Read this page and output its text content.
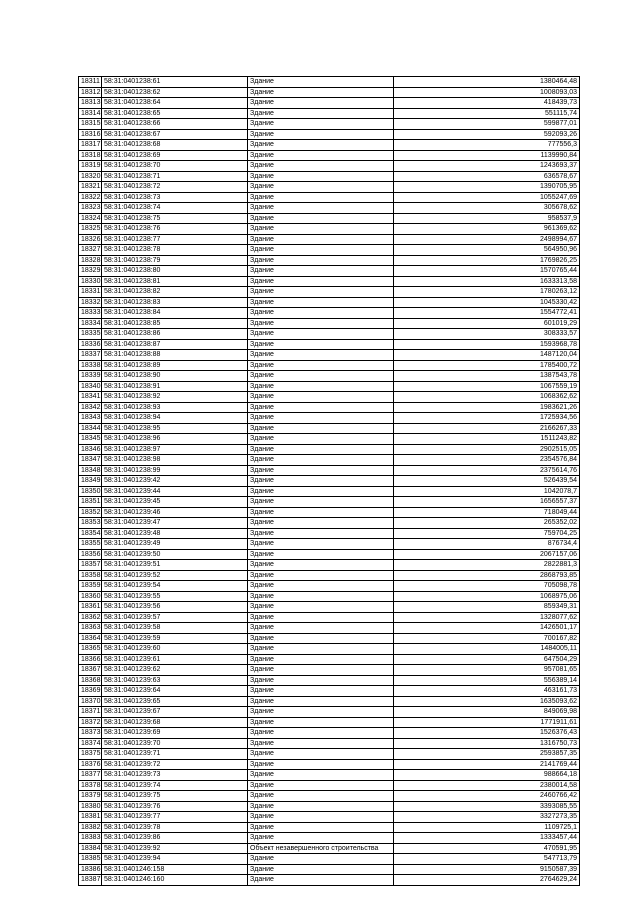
18311	58:31:0401238:61	Здание	1380464,48
18312	58:31:0401238:62	Здание	1008093,03
18313	58:31:0401238:64	Здание	418439,73
18314	58:31:0401238:65	Здание	551115,74
18315	58:31:0401238:66	Здание	599877,01
18316	58:31:0401238:67	Здание	592093,26
18317	58:31:0401238:68	Здание	777556,3
18318	58:31:0401238:69	Здание	1139990,84
18319	58:31:0401238:70	Здание	1243693,37
18320	58:31:0401238:71	Здание	636578,67
18321	58:31:0401238:72	Здание	1390705,95
18322	58:31:0401238:73	Здание	1055247,69
18323	58:31:0401238:74	Здание	305678,62
18324	58:31:0401238:75	Здание	958537,9
18325	58:31:0401238:76	Здание	961369,62
18326	58:31:0401238:77	Здание	2498994,67
18327	58:31:0401238:78	Здание	564950,96
18328	58:31:0401238:79	Здание	1769826,25
18329	58:31:0401238:80	Здание	1570765,44
18330	58:31:0401238:81	Здание	1633313,58
18331	58:31:0401238:82	Здание	1780263,12
18332	58:31:0401238:83	Здание	1045330,42
18333	58:31:0401238:84	Здание	1554772,41
18334	58:31:0401238:85	Здание	601019,29
18335	58:31:0401238:86	Здание	308333,57
18336	58:31:0401238:87	Здание	1593968,78
18337	58:31:0401238:88	Здание	1487120,04
18338	58:31:0401238:89	Здание	1785400,72
18339	58:31:0401238:90	Здание	1387543,78
18340	58:31:0401238:91	Здание	1067559,19
18341	58:31:0401238:92	Здание	1068362,62
18342	58:31:0401238:93	Здание	1983621,26
18343	58:31:0401238:94	Здание	1725934,56
18344	58:31:0401238:95	Здание	2166267,33
18345	58:31:0401238:96	Здание	1511243,82
18346	58:31:0401238:97	Здание	2902515,05
18347	58:31:0401238:98	Здание	2354576,84
18348	58:31:0401238:99	Здание	2375614,76
18349	58:31:0401239:42	Здание	526439,54
18350	58:31:0401239:44	Здание	1042078,7
18351	58:31:0401239:45	Здание	1656557,37
18352	58:31:0401239:46	Здание	718049,44
18353	58:31:0401239:47	Здание	265352,02
18354	58:31:0401239:48	Здание	759704,25
18355	58:31:0401239:49	Здание	876734,4
18356	58:31:0401239:50	Здание	2067157,06
18357	58:31:0401239:51	Здание	2822881,3
18358	58:31:0401239:52	Здание	2868793,85
18359	58:31:0401239:54	Здание	705098,78
18360	58:31:0401239:55	Здание	1068975,06
18361	58:31:0401239:56	Здание	859349,31
18362	58:31:0401239:57	Здание	1328077,62
18363	58:31:0401239:58	Здание	1426501,17
18364	58:31:0401239:59	Здание	700167,82
18365	58:31:0401239:60	Здание	1484005,11
18366	58:31:0401239:61	Здание	647504,29
18367	58:31:0401239:62	Здание	957081,65
18368	58:31:0401239:63	Здание	556389,14
18369	58:31:0401239:64	Здание	463161,73
18370	58:31:0401239:65	Здание	1635093,62
18371	58:31:0401239:67	Здание	849069,98
18372	58:31:0401239:68	Здание	1771911,61
18373	58:31:0401239:69	Здание	1526376,43
18374	58:31:0401239:70	Здание	1316750,73
18375	58:31:0401239:71	Здание	2593857,35
18376	58:31:0401239:72	Здание	2141769,44
18377	58:31:0401239:73	Здание	988664,18
18378	58:31:0401239:74	Здание	2380014,58
18379	58:31:0401239:75	Здание	2460766,42
18380	58:31:0401239:76	Здание	3393085,55
18381	58:31:0401239:77	Здание	3327273,35
18382	58:31:0401239:78	Здание	1109725,1
18383	58:31:0401239:86	Здание	1333457,44
18384	58:31:0401239:92	Объект незавершенного строительства	470591,95
18385	58:31:0401239:94	Здание	547713,79
18386	58:31:0401246:158	Здание	9150587,39
18387	58:31:0401246:160	Здание	2764629,24
